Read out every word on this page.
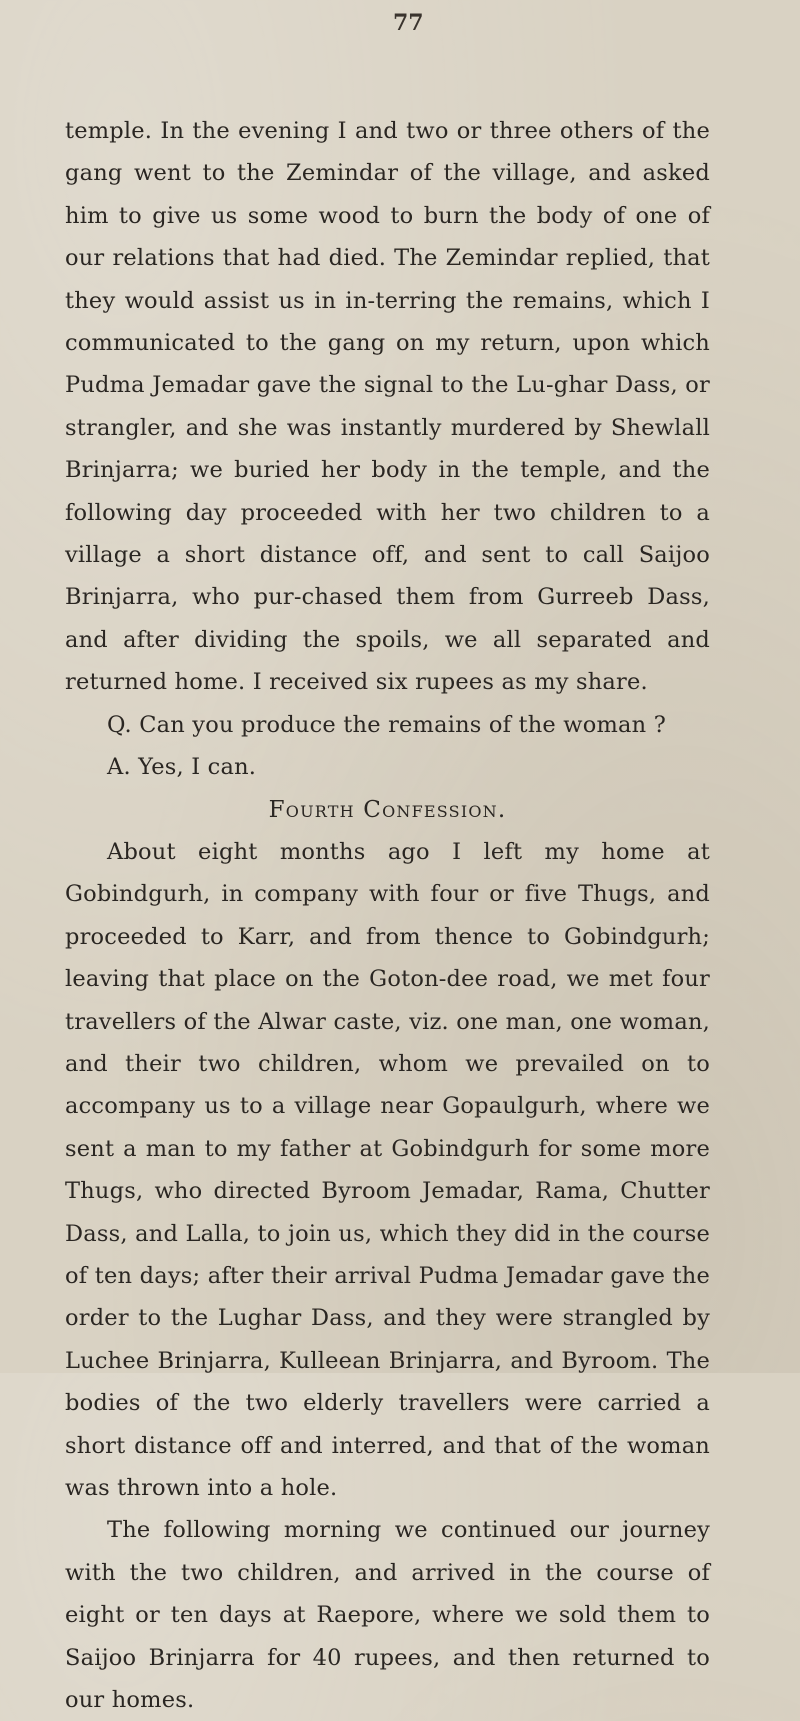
77

temple. In the evening I and two or three others of the gang went to the Zemindar of the village, and asked him to give us some wood to burn the body of one of our relations that had died. The Zemindar replied, that they would assist us in in-terring the remains, which I communicated to the gang on my return, upon which Pudma Jemadar gave the signal to the Lu-ghar Dass, or strangler, and she was instantly murdered by Shewlall Brinjarra; we buried her body in the temple, and the following day proceeded with her two children to a village a short distance off, and sent to call Saijoo Brinjarra, who pur-chased them from Gurreeb Dass, and after dividing the spoils, we all separated and returned home. I received six rupees as my share.

Q. Can you produce the remains of the woman ?

A. Yes, I can.

Fourth Confession.

About eight months ago I left my home at Gobindgurh, in company with four or five Thugs, and proceeded to Karr, and from thence to Gobindgurh; leaving that place on the Goton-dee road, we met four travellers of the Alwar caste, viz. one man, one woman, and their two children, whom we prevailed on to accompany us to a village near Gopaulgurh, where we sent a man to my father at Gobindgurh for some more Thugs, who directed Byroom Jemadar, Rama, Chutter Dass, and Lalla, to join us, which they did in the course of ten days; after their arrival Pudma Jemadar gave the order to the Lughar Dass, and they were strangled by Luchee Brinjarra, Kulleean Brinjarra, and Byroom. The bodies of the two elderly travellers were carried a short distance off and interred, and that of the woman was thrown into a hole.

The following morning we continued our journey with the two children, and arrived in the course of eight or ten days at Raepore, where we sold them to Saijoo Brinjarra for 40 rupees, and then returned to our homes.
